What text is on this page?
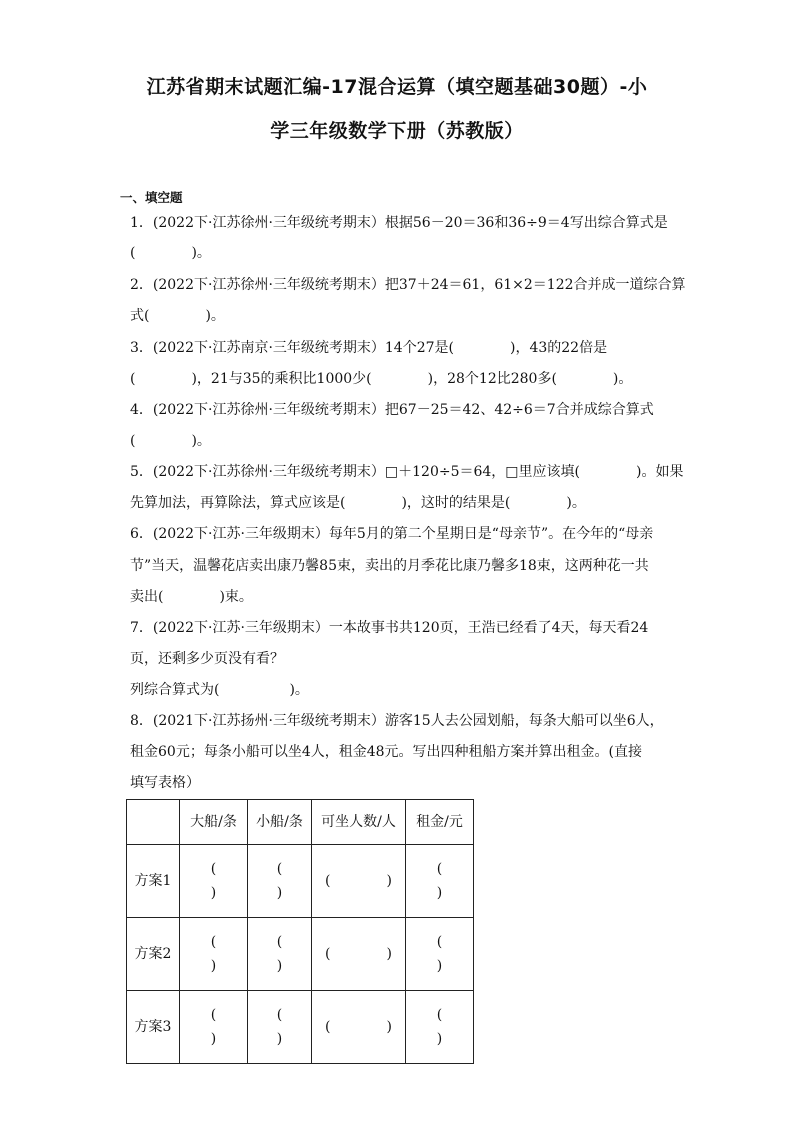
江苏省期末试题汇编-17混合运算（填空题基础30题）-小
学三年级数学下册（苏教版）
一、填空题
1．(2022下·江苏徐州·三年级统考期末）根据56－20＝36和36÷9＝4写出综合算式是
(　　　　)。
2．(2022下·江苏徐州·三年级统考期末）把37＋24＝61，61×2＝122合并成一道综合算
式(　　　　)。
3．(2022下·江苏南京·三年级统考期末）14个27是(　　　　)，43的22倍是
(　　　　)，21与35的乘积比1000少(　　　　)，28个12比280多(　　　　)。
4．(2022下·江苏徐州·三年级统考期末）把67－25＝42、42÷6＝7合并成综合算式
(　　　　)。
5．(2022下·江苏徐州·三年级统考期末）□＋120÷5＝64，□里应该填(　　　　)。如果
先算加法，再算除法，算式应该是(　　　　)，这时的结果是(　　　　)。
6．(2022下·江苏·三年级期末）每年5月的第二个星期日是“母亲节”。在今年的“母亲
节”当天，温馨花店卖出康乃馨85束，卖出的月季花比康乃馨多18束，这两种花一共
卖出(　　　　)束。
7．(2022下·江苏·三年级期末）一本故事书共120页，王浩已经看了4天，每天看24
页，还剩多少页没有看？
列综合算式为(　　　　　)。
8．(2021下·江苏扬州·三年级统考期末）游客15人去公园划船，每条大船可以坐6人，
租金60元；每条小船可以坐4人，租金48元。写出四种租船方案并算出租金。(直接
填写表格）
	大船/条	小船/条	可坐人数/人	租金/元
方案1	(
)	(
)	(　　　　)	(
)

方案2	(
)	(
)	(　　　　)	(
)

方案3	(
)	(
)	(　　　　)	(
)
